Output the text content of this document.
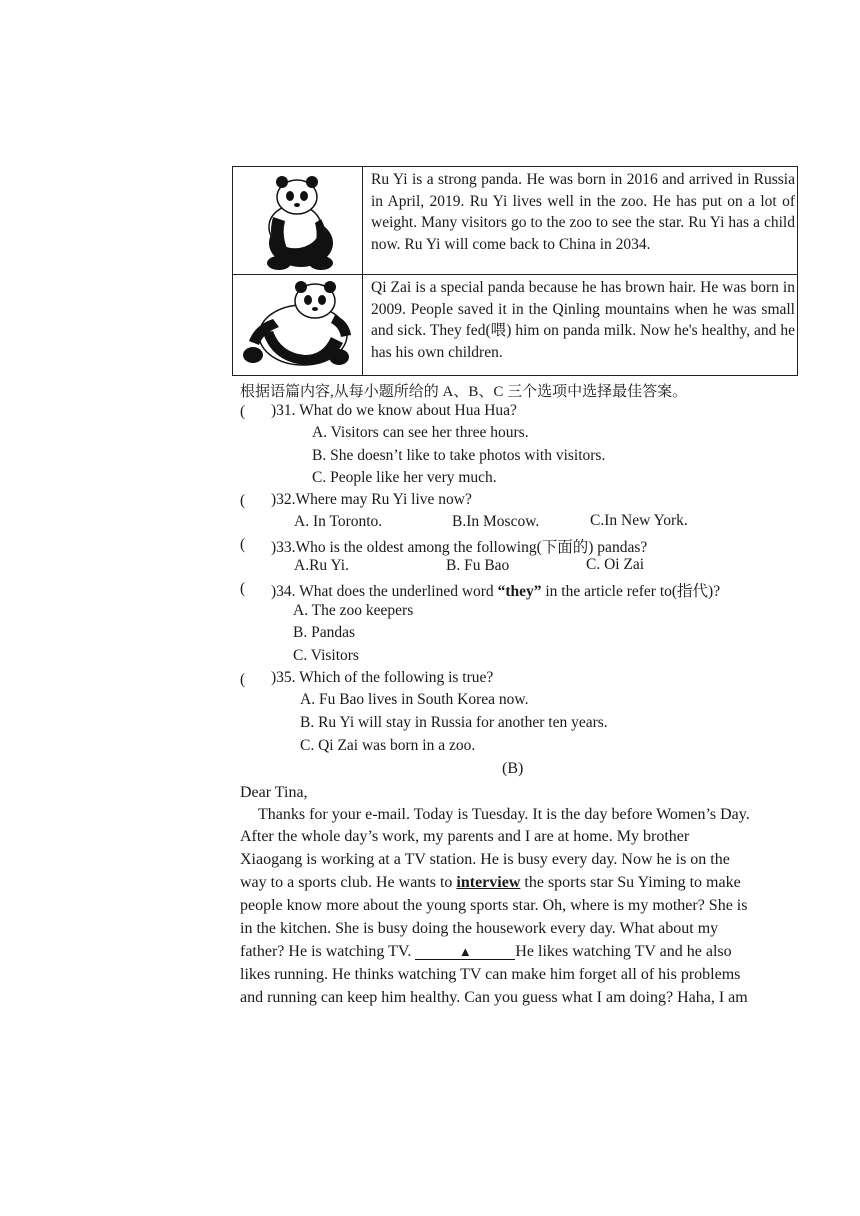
Ru Yi is a strong panda. He was born in 2016 and arrived in Russia in April, 2019. Ru Yi lives well in the zoo. He has put on a lot of weight. Many visitors go to the zoo to see the star. Ru Yi has a child now. Ru Yi will come back to China in 2034.
Qi Zai is a special panda because he has brown hair. He was born in 2009. People saved it in the Qinling mountains when he was small and sick. They fed(喂) him on panda milk. Now he's healthy, and he has his own children.
根据语篇内容,从每小题所给的 A、B、C 三个选项中选择最佳答案。
( )31. What do we know about Hua Hua?
A. Visitors can see her three hours.
B. She doesn’t like to take photos with visitors.
C. People like her very much.
( )32.Where may Ru Yi live now?
A. In Toronto.	B.In Moscow.	C.In New York.
( )33.Who is the oldest among the following(下面的) pandas?
A.Ru Yi.	B. Fu Bao	C. Oi Zai
( )34. What does the underlined word “they” in the article refer to(指代)?
A. The zoo keepers
B. Pandas
C. Visitors
( )35. Which of the following is true?
A. Fu Bao lives in South Korea now.
B. Ru Yi will stay in Russia for another ten years.
C. Qi Zai was born in a zoo.
(B)
Dear Tina,
Thanks for your e-mail. Today is Tuesday. It is the day before Women’s Day.
After the whole day’s work, my parents and I are at home. My brother
Xiaogang is working at a TV station. He is busy every day. Now he is on the
way to a sports club. He wants to interview the sports star Su Yiming to make
people know more about the young sports star. Oh, where is my mother? She is
in the kitchen. She is busy doing the housework every day. What about my
father? He is watching TV.	▲	He likes watching TV and he also
likes running. He thinks watching TV can make him forget all of his problems
and running can keep him healthy. Can you guess what I am doing? Haha, I am
